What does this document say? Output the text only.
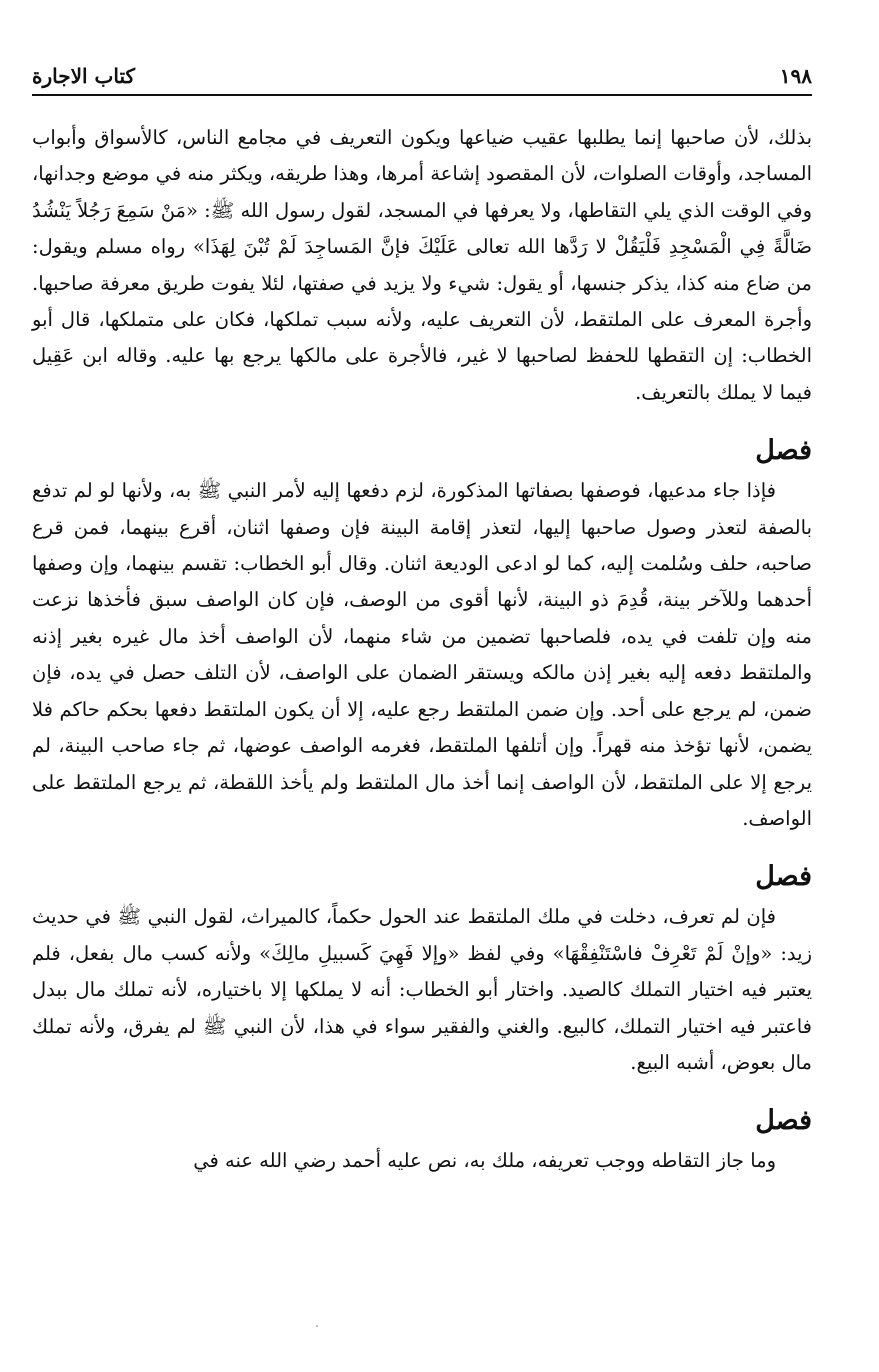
١٩٨
كتاب الاجارة

بذلك، لأن صاحبها إنما يطلبها عقيب ضياعها ويكون التعريف في مجامع الناس، كالأسواق وأبواب المساجد، وأوقات الصلوات، لأن المقصود إشاعة أمرها، وهذا طريقه، ويكثر منه في موضع وجدانها، وفي الوقت الذي يلي التقاطها، ولا يعرفها في المسجد، لقول رسول الله ﷺ: «مَنْ سَمِعَ رَجُلاً يَنْشُدُ ضَالَّةً فِي الْمَسْجِدِ فَلْيَقُلْ لا رَدَّها الله تعالى عَلَيْكَ فإنَّ المَساجِدَ لَمْ تُبْنَ لِهَذَا» رواه مسلم ويقول: من ضاع منه كذا، يذكر جنسها، أو يقول: شيء ولا يزيد في صفتها، لئلا يفوت طريق معرفة صاحبها. وأجرة المعرف على الملتقط، لأن التعريف عليه، ولأنه سبب تملكها، فكان على متملكها، قال أبو الخطاب: إن التقطها للحفظ لصاحبها لا غير، فالأجرة على مالكها يرجع بها عليه. وقاله ابن عَقِيل فيما لا يملك بالتعريف.

فصل

فإذا جاء مدعيها، فوصفها بصفاتها المذكورة، لزم دفعها إليه لأمر النبي ﷺ به، ولأنها لو لم تدفع بالصفة لتعذر وصول صاحبها إليها، لتعذر إقامة البينة فإن وصفها اثنان، أقرع بينهما، فمن قرع صاحبه، حلف وسُلمت إليه، كما لو ادعى الوديعة اثنان. وقال أبو الخطاب: تقسم بينهما، وإن وصفها أحدهما وللآخر بينة، قُدِمَ ذو البينة، لأنها أقوى من الوصف، فإن كان الواصف سبق فأخذها نزعت منه وإن تلفت في يده، فلصاحبها تضمين من شاء منهما، لأن الواصف أخذ مال غيره بغير إذنه والملتقط دفعه إليه بغير إذن مالكه ويستقر الضمان على الواصف، لأن التلف حصل في يده، فإن ضمن، لم يرجع على أحد. وإن ضمن الملتقط رجع عليه، إلا أن يكون الملتقط دفعها بحكم حاكم فلا يضمن، لأنها تؤخذ منه قهراً. وإن أتلفها الملتقط، فغرمه الواصف عوضها، ثم جاء صاحب البينة، لم يرجع إلا على الملتقط، لأن الواصف إنما أخذ مال الملتقط ولم يأخذ اللقطة، ثم يرجع الملتقط على الواصف.

فصل

فإن لم تعرف، دخلت في ملك الملتقط عند الحول حكماً، كالميراث، لقول النبي ﷺ في حديث زيد: «وإنْ لَمْ تَعْرِفْ فاسْتَنْفِقْهَا» وفي لفظ «وإلا فَهِيَ كَسبيلِ مالِكَ» ولأنه كسب مال بفعل، فلم يعتبر فيه اختيار التملك كالصيد. واختار أبو الخطاب: أنه لا يملكها إلا باختياره، لأنه تملك مال ببدل فاعتبر فيه اختيار التملك، كالبيع. والغني والفقير سواء في هذا، لأن النبي ﷺ لم يفرق، ولأنه تملك مال بعوض، أشبه البيع.

فصل

وما جاز التقاطه ووجب تعريفه، ملك به، نص عليه أحمد رضي الله عنه في
